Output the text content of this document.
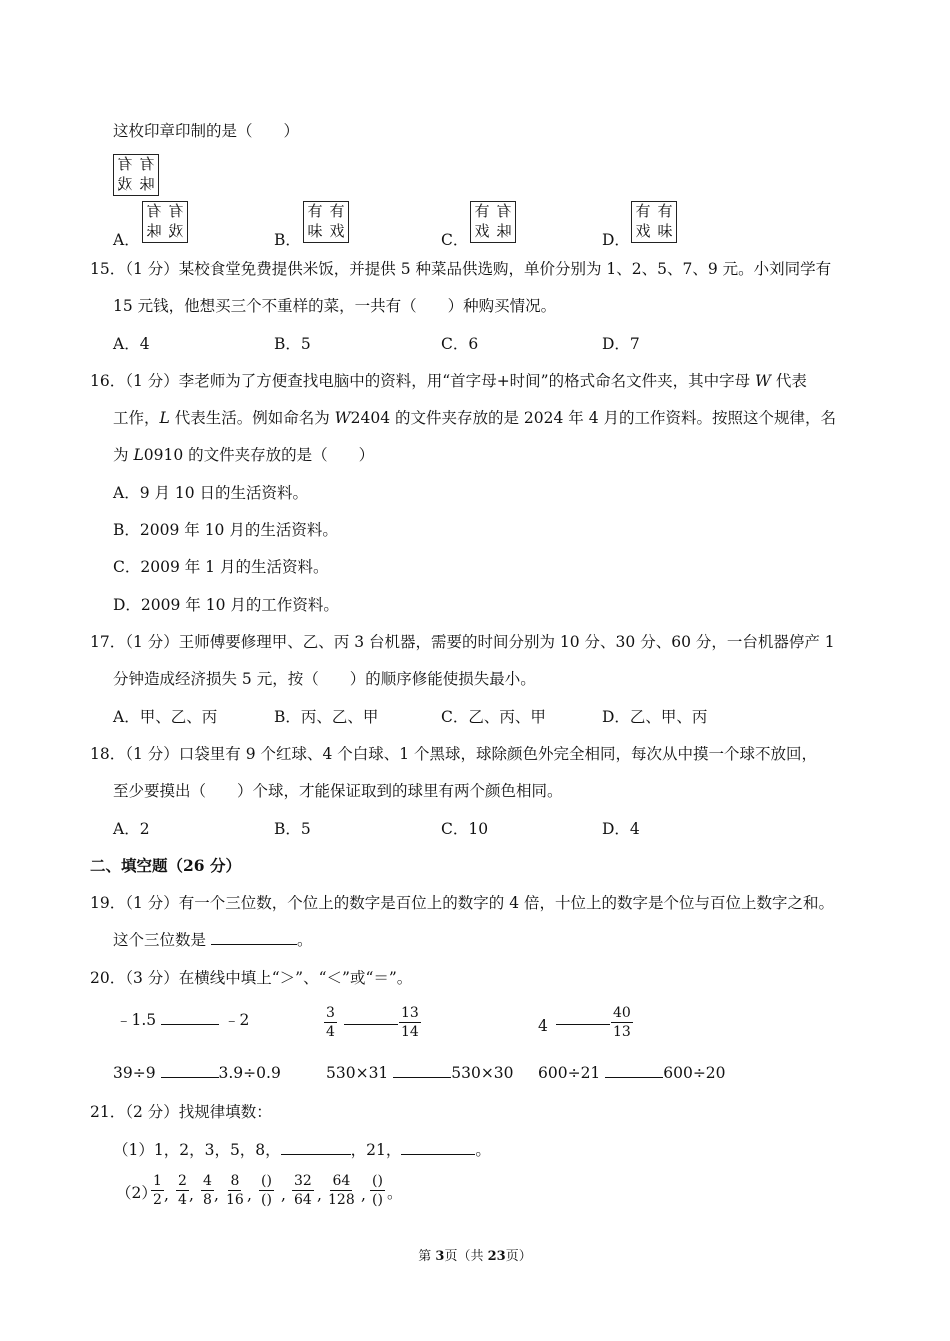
这枚印章印制的是（　　）
有 有
戏 味
A．
有 有
味 戏	B．
有 有
味 戏	C．
有 有
戏 味	D．
有 有
戏 味
15．（1 分）某校食堂免费提供米饭，并提供 5 种菜品供选购，单价分别为 1、2、5、7、9 元。小刘同学有
15 元钱，他想买三个不重样的菜，一共有（　　）种购买情况。
A．4	B．5	C．6	D．7
16．（1 分）李老师为了方便查找电脑中的资料，用“首字母+时间”的格式命名文件夹，其中字母 W 代表
工作，L 代表生活。例如命名为 W2404 的文件夹存放的是 2024 年 4 月的工作资料。按照这个规律，名
为 L0910 的文件夹存放的是（　　）
A．9 月 10 日的生活资料。
B．2009 年 10 月的生活资料。
C．2009 年 1 月的生活资料。
D．2009 年 10 月的工作资料。
17．（1 分）王师傅要修理甲、乙、丙 3 台机器，需要的时间分别为 10 分、30 分、60 分，一台机器停产 1
分钟造成经济损失 5 元，按（　　）的顺序修能使损失最小。
A．甲、乙、丙	B．丙、乙、甲	C．乙、丙、甲	D．乙、甲、丙
18．（1 分）口袋里有 9 个红球、4 个白球、1 个黑球，球除颜色外完全相同，每次从中摸一个球不放回，
至少要摸出（　　）个球，才能保证取到的球里有两个颜色相同。
A．2	B．5	C．10	D．4
二、填空题（26 分）
19．（1 分）有一个三位数，个位上的数字是百位上的数字的 4 倍，十位上的数字是个位与百位上数字之和。
这个三位数是	。
20．（3 分）在横线中填上“＞”、“＜”或“＝”。
﹣1.5	﹣2	$\frac{3}{4}$	$\frac{13}{14}$	4	$\frac{40}{13}$
39÷9	3.9÷0.9	530×31	530×30 600÷21	600÷20
21．（2 分）找规律填数：
（1）1，2，3，5，8，	，21，	。
（2）
$\frac{1}{2}$ , $\frac{2}{4}$ , $\frac{4}{8}$ , $\frac{8}{16}$ ,
()
() , $\frac{32}{64}$ , $\frac{64}{128}$ ,
()
() 。
第 3页（共 23页）
